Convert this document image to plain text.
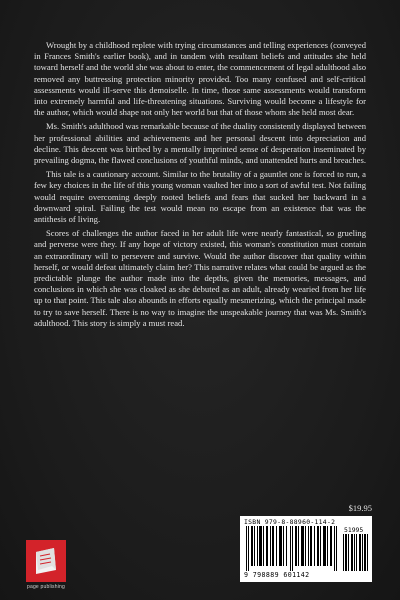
Wrought by a childhood replete with trying circumstances and telling experiences (conveyed in Frances Smith's earlier book), and in tandem with resultant beliefs and attitudes she held toward herself and the world she was about to enter, the commencement of legal adulthood also removed any buttressing protection minority provided. Too many confused and self-critical assessments would ill-serve this demoiselle. In time, those same assessments would transform into extremely harmful and life-threatening situations. Surviving would become a lifestyle for the author, which would shape not only her world but that of those whom she held most dear.

Ms. Smith's adulthood was remarkable because of the duality consistently displayed between her professional abilities and achievements and her personal descent into depreciation and decline. This descent was birthed by a mentally imprinted sense of desperation inseminated by prevailing dogma, the flawed conclusions of youthful minds, and unattended hurts and breaches.

This tale is a cautionary account. Similar to the brutality of a gauntlet one is forced to run, a few key choices in the life of this young woman vaulted her into a sort of awful test. Not failing would require overcoming deeply rooted beliefs and fears that sucked her backward in a downward spiral. Failing the test would mean no escape from an existence that was the antithesis of living.

Scores of challenges the author faced in her adult life were nearly fantastical, so grueling and perverse were they. If any hope of victory existed, this woman's constitution must contain an extraordinary will to persevere and survive. Would the author discover that quality within herself, or would defeat ultimately claim her? This narrative relates what could be argued as the predictable plunge the author made into the depths, given the memories, messages, and conclusions in which she was cloaked as she debuted as an adult, already wearied from her life up to that point. This tale also abounds in efforts equally mesmerizing, which the principal made to try to save herself. There is no way to imagine the unspeakable journey that was Ms. Smith's adulthood. This story is simply a must read.

$19.95
ISBN 979-8-88960-114-2
51995
9 798889 601142
page publishing
